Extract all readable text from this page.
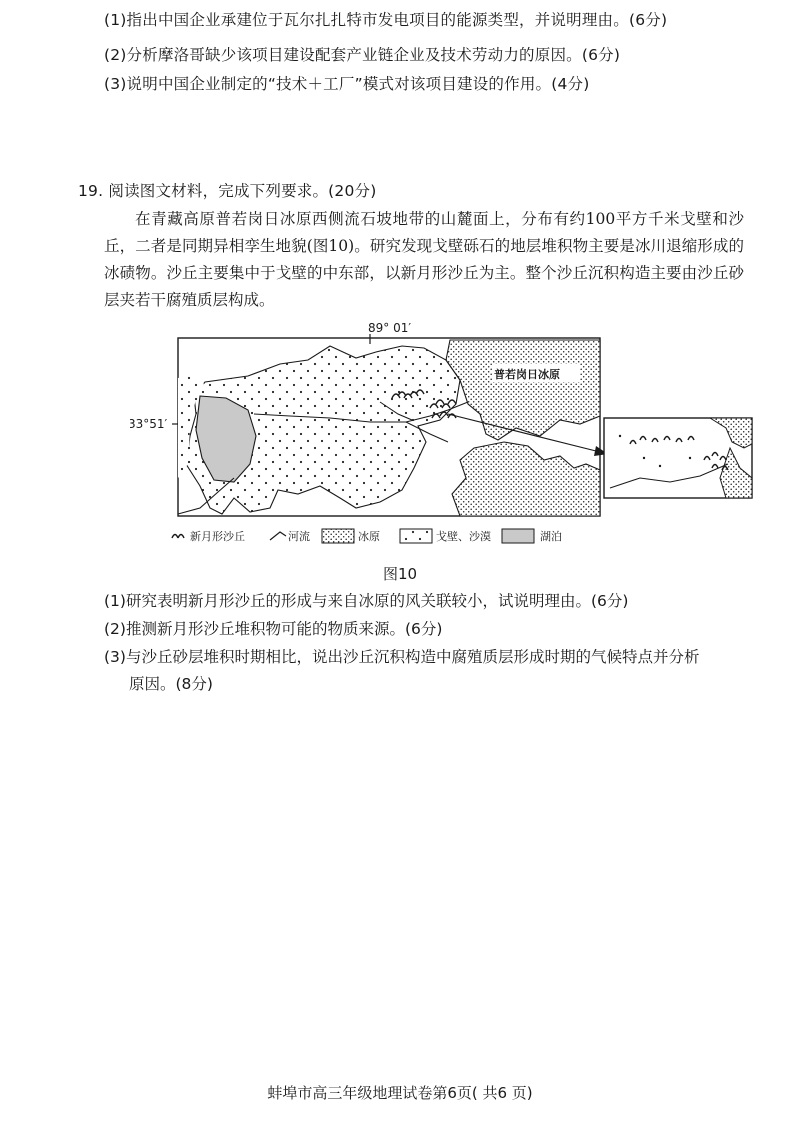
(1)指出中国企业承建位于瓦尔扎扎特市发电项目的能源类型，并说明理由。(6分)
(2)分析摩洛哥缺少该项目建设配套产业链企业及技术劳动力的原因。(6分)
(3)说明中国企业制定的“技术＋工厂”模式对该项目建设的作用。(4分)
19. 阅读图文材料，完成下列要求。(20分)
在青藏高原普若岗日冰原西侧流石坡地带的山麓面上，分布有约100平方千米戈壁和沙丘，二者是同期异相孪生地貌(图10)。研究发现戈壁砾石的地层堆积物主要是冰川退缩形成的冰碛物。沙丘主要集中于戈壁的中东部，以新月形沙丘为主。整个沙丘沉积构造主要由沙丘砂层夹若干腐殖质层构成。
89° 01′
33°51′
普若岗日冰原
新月形沙丘	河流	冰原	戈壁、沙漠	湖泊
图10
(1)研究表明新月形沙丘的形成与来自冰原的风关联较小，试说明理由。(6分)
(2)推测新月形沙丘堆积物可能的物质来源。(6分)
(3)与沙丘砂层堆积时期相比，说出沙丘沉积构造中腐殖质层形成时期的气候特点并分析
原因。(8分)
蚌埠市高三年级地理试卷第6页( 共6 页)
